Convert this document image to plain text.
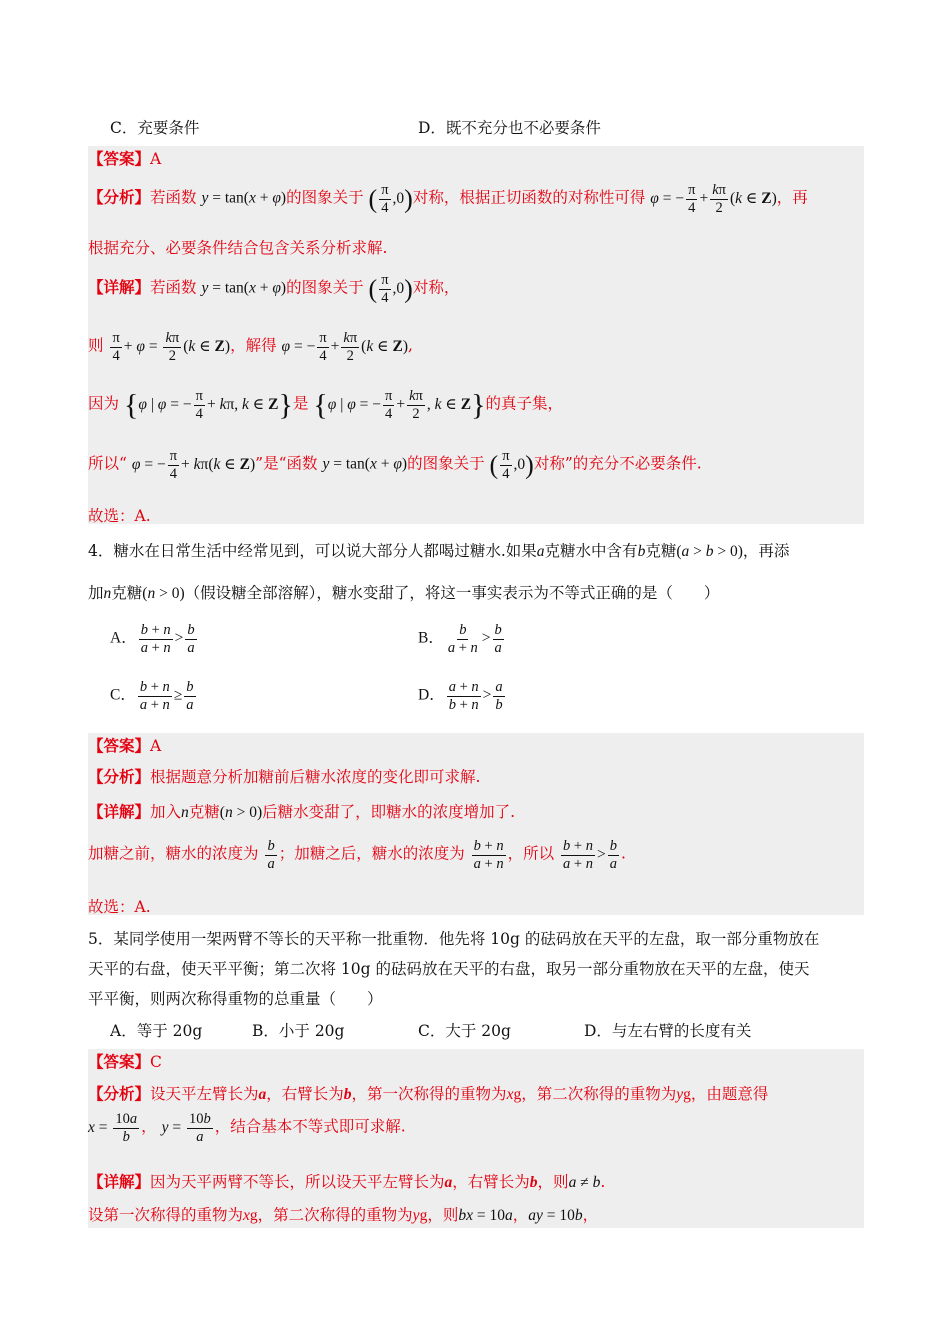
C．充要条件	D．既不充分也不必要条件
【答案】A
【分析】若函数 y = tan(x + φ)的图象关于 ( $\frac{\pi}{4} ,0$)对称，根据正切函数的对称性可得 φ = − $\frac{\pi}{4} + \frac{k\pi}{2} (k$ ∈ Z)，再
根据充分、必要条件结合包含关系分析求解.
【详解】若函数 y = tan(x + φ)的图象关于 ( $\frac{\pi}{4} ,0$)对称，
则 $\frac{\pi}{4} + \varphi = \frac{k\pi}{2} (k$ ∈ Z)，解得 φ = − $\frac{\pi}{4} + \frac{k\pi}{2} (k$ ∈ Z),
因为 {φ | φ = − $\frac{\pi}{4} + k\pi$, k ∈ Z}是 {φ | φ = − $\frac{\pi}{4} + \frac{k\pi}{2}$ , k ∈ Z}的真子集，
所以“ φ = − $\frac{\pi}{4} + k\pi(k$ ∈ Z)”是“函数 y = tan(x + φ)的图象关于 ( $\frac{\pi}{4} ,0$)对称”的充分不必要条件.
故选：A.
4．糖水在日常生活中经常见到，可以说大部分人都喝过糖水.如果a克糖水中含有b克糖(a > b > 0)，再添
加n克糖(n > 0)（假设糖全部溶解），糖水变甜了，将这一事实表示为不等式正确的是（　　）
A． $\frac{b + n}{a + n} > \frac{b}{a}$	B． $\frac{b}{a + n} > \frac{b}{a}$
C． $\frac{b + n}{a + n} \ge \frac{b}{a}$	D． $\frac{a + n}{b + n} > \frac{a}{b}$
【答案】A
【分析】根据题意分析加糖前后糖水浓度的变化即可求解.
【详解】加入n克糖(n > 0)后糖水变甜了，即糖水的浓度增加了.
加糖之前，糖水的浓度为 $\frac{b}{a}$ ；加糖之后，糖水的浓度为 $\frac{b + n}{a + n}$ ，所以 $\frac{b + n}{a + n} > \frac{b}{a}$ .
故选：A.
5．某同学使用一架两臂不等长的天平称一批重物．他先将 10g 的砝码放在天平的左盘，取一部分重物放在
天平的右盘，使天平平衡；第二次将 10g 的砝码放在天平的右盘，取另一部分重物放在天平的左盘，使天
平平衡，则两次称得重物的总重量（　　）
A．等于 20g	B．小于 20g	C．大于 20g	D．与左右臂的长度有关
【答案】C
【分析】设天平左臂长为a，右臂长为b，第一次称得的重物为xg，第二次称得的重物为yg，由题意得
$x = \frac{10a}{b}$ ， $y = \frac{10b}{a}$ ，结合基本不等式即可求解.
【详解】因为天平两臂不等长，所以设天平左臂长为a，右臂长为b，则a ≠ b.
设第一次称得的重物为xg，第二次称得的重物为yg，则bx = 10a，ay = 10b，
